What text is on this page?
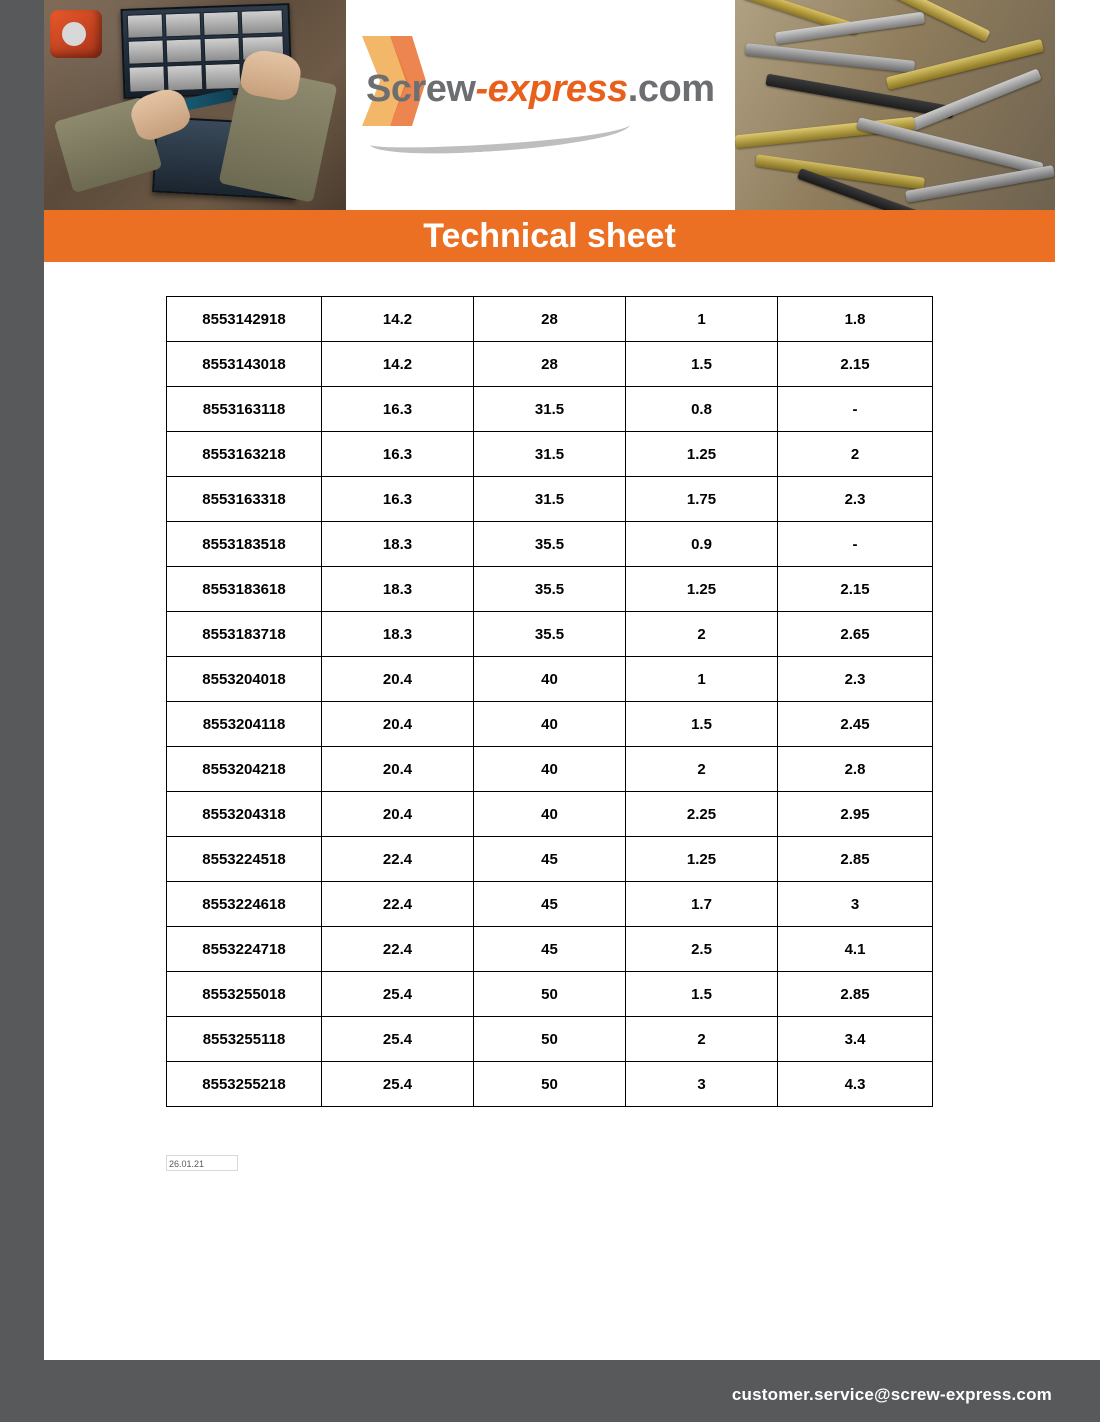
Screw-express.com
Technical sheet
8553142918	14.2	28	1	1.8
8553143018	14.2	28	1.5	2.15
8553163118	16.3	31.5	0.8	-
8553163218	16.3	31.5	1.25	2
8553163318	16.3	31.5	1.75	2.3
8553183518	18.3	35.5	0.9	-
8553183618	18.3	35.5	1.25	2.15
8553183718	18.3	35.5	2	2.65
8553204018	20.4	40	1	2.3
8553204118	20.4	40	1.5	2.45
8553204218	20.4	40	2	2.8
8553204318	20.4	40	2.25	2.95
8553224518	22.4	45	1.25	2.85
8553224618	22.4	45	1.7	3
8553224718	22.4	45	2.5	4.1
8553255018	25.4	50	1.5	2.85
8553255118	25.4	50	2	3.4
8553255218	25.4	50	3	4.3
26.01.21
customer.service@screw-express.com
